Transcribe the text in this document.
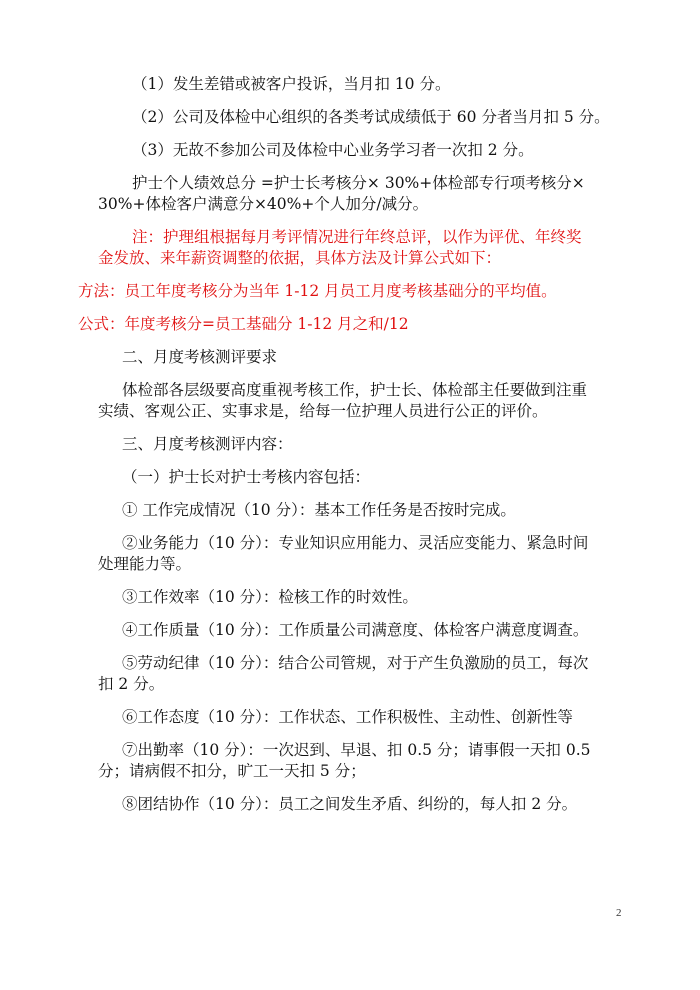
（1）发生差错或被客户投诉，当月扣 10 分。

（2）公司及体检中心组织的各类考试成绩低于 60 分者当月扣 5 分。

（3）无故不参加公司及体检中心业务学习者一次扣 2 分。

护士个人绩效总分 =护士长考核分× 30%+体检部专行项考核分×

30%+体检客户满意分×40%+个人加分/减分。

注：护理组根据每月考评情况进行年终总评，以作为评优、年终奖

金发放、来年薪资调整的依据，具体方法及计算公式如下：

方法：员工年度考核分为当年 1-12 月员工月度考核基础分的平均值。

公式：年度考核分=员工基础分 1-12 月之和/12

二、月度考核测评要求

体检部各层级要高度重视考核工作，护士长、体检部主任要做到注重

实绩、客观公正、实事求是，给每一位护理人员进行公正的评价。

三、月度考核测评内容：

（一）护士长对护士考核内容包括：

① 工作完成情况（10 分）：基本工作任务是否按时完成。

②业务能力（10 分）：专业知识应用能力、灵活应变能力、紧急时间

处理能力等。

③工作效率（10 分）：检核工作的时效性。

④工作质量（10 分）：工作质量公司满意度、体检客户满意度调查。

⑤劳动纪律（10 分）：结合公司管规，对于产生负激励的员工，每次

扣 2 分。

⑥工作态度（10 分）：工作状态、工作积极性、主动性、创新性等

⑦出勤率（10 分）：一次迟到、早退、扣 0.5 分；请事假一天扣 0.5

分；请病假不扣分，旷工一天扣 5 分；

⑧团结协作（10 分）：员工之间发生矛盾、纠纷的，每人扣 2 分。

2
